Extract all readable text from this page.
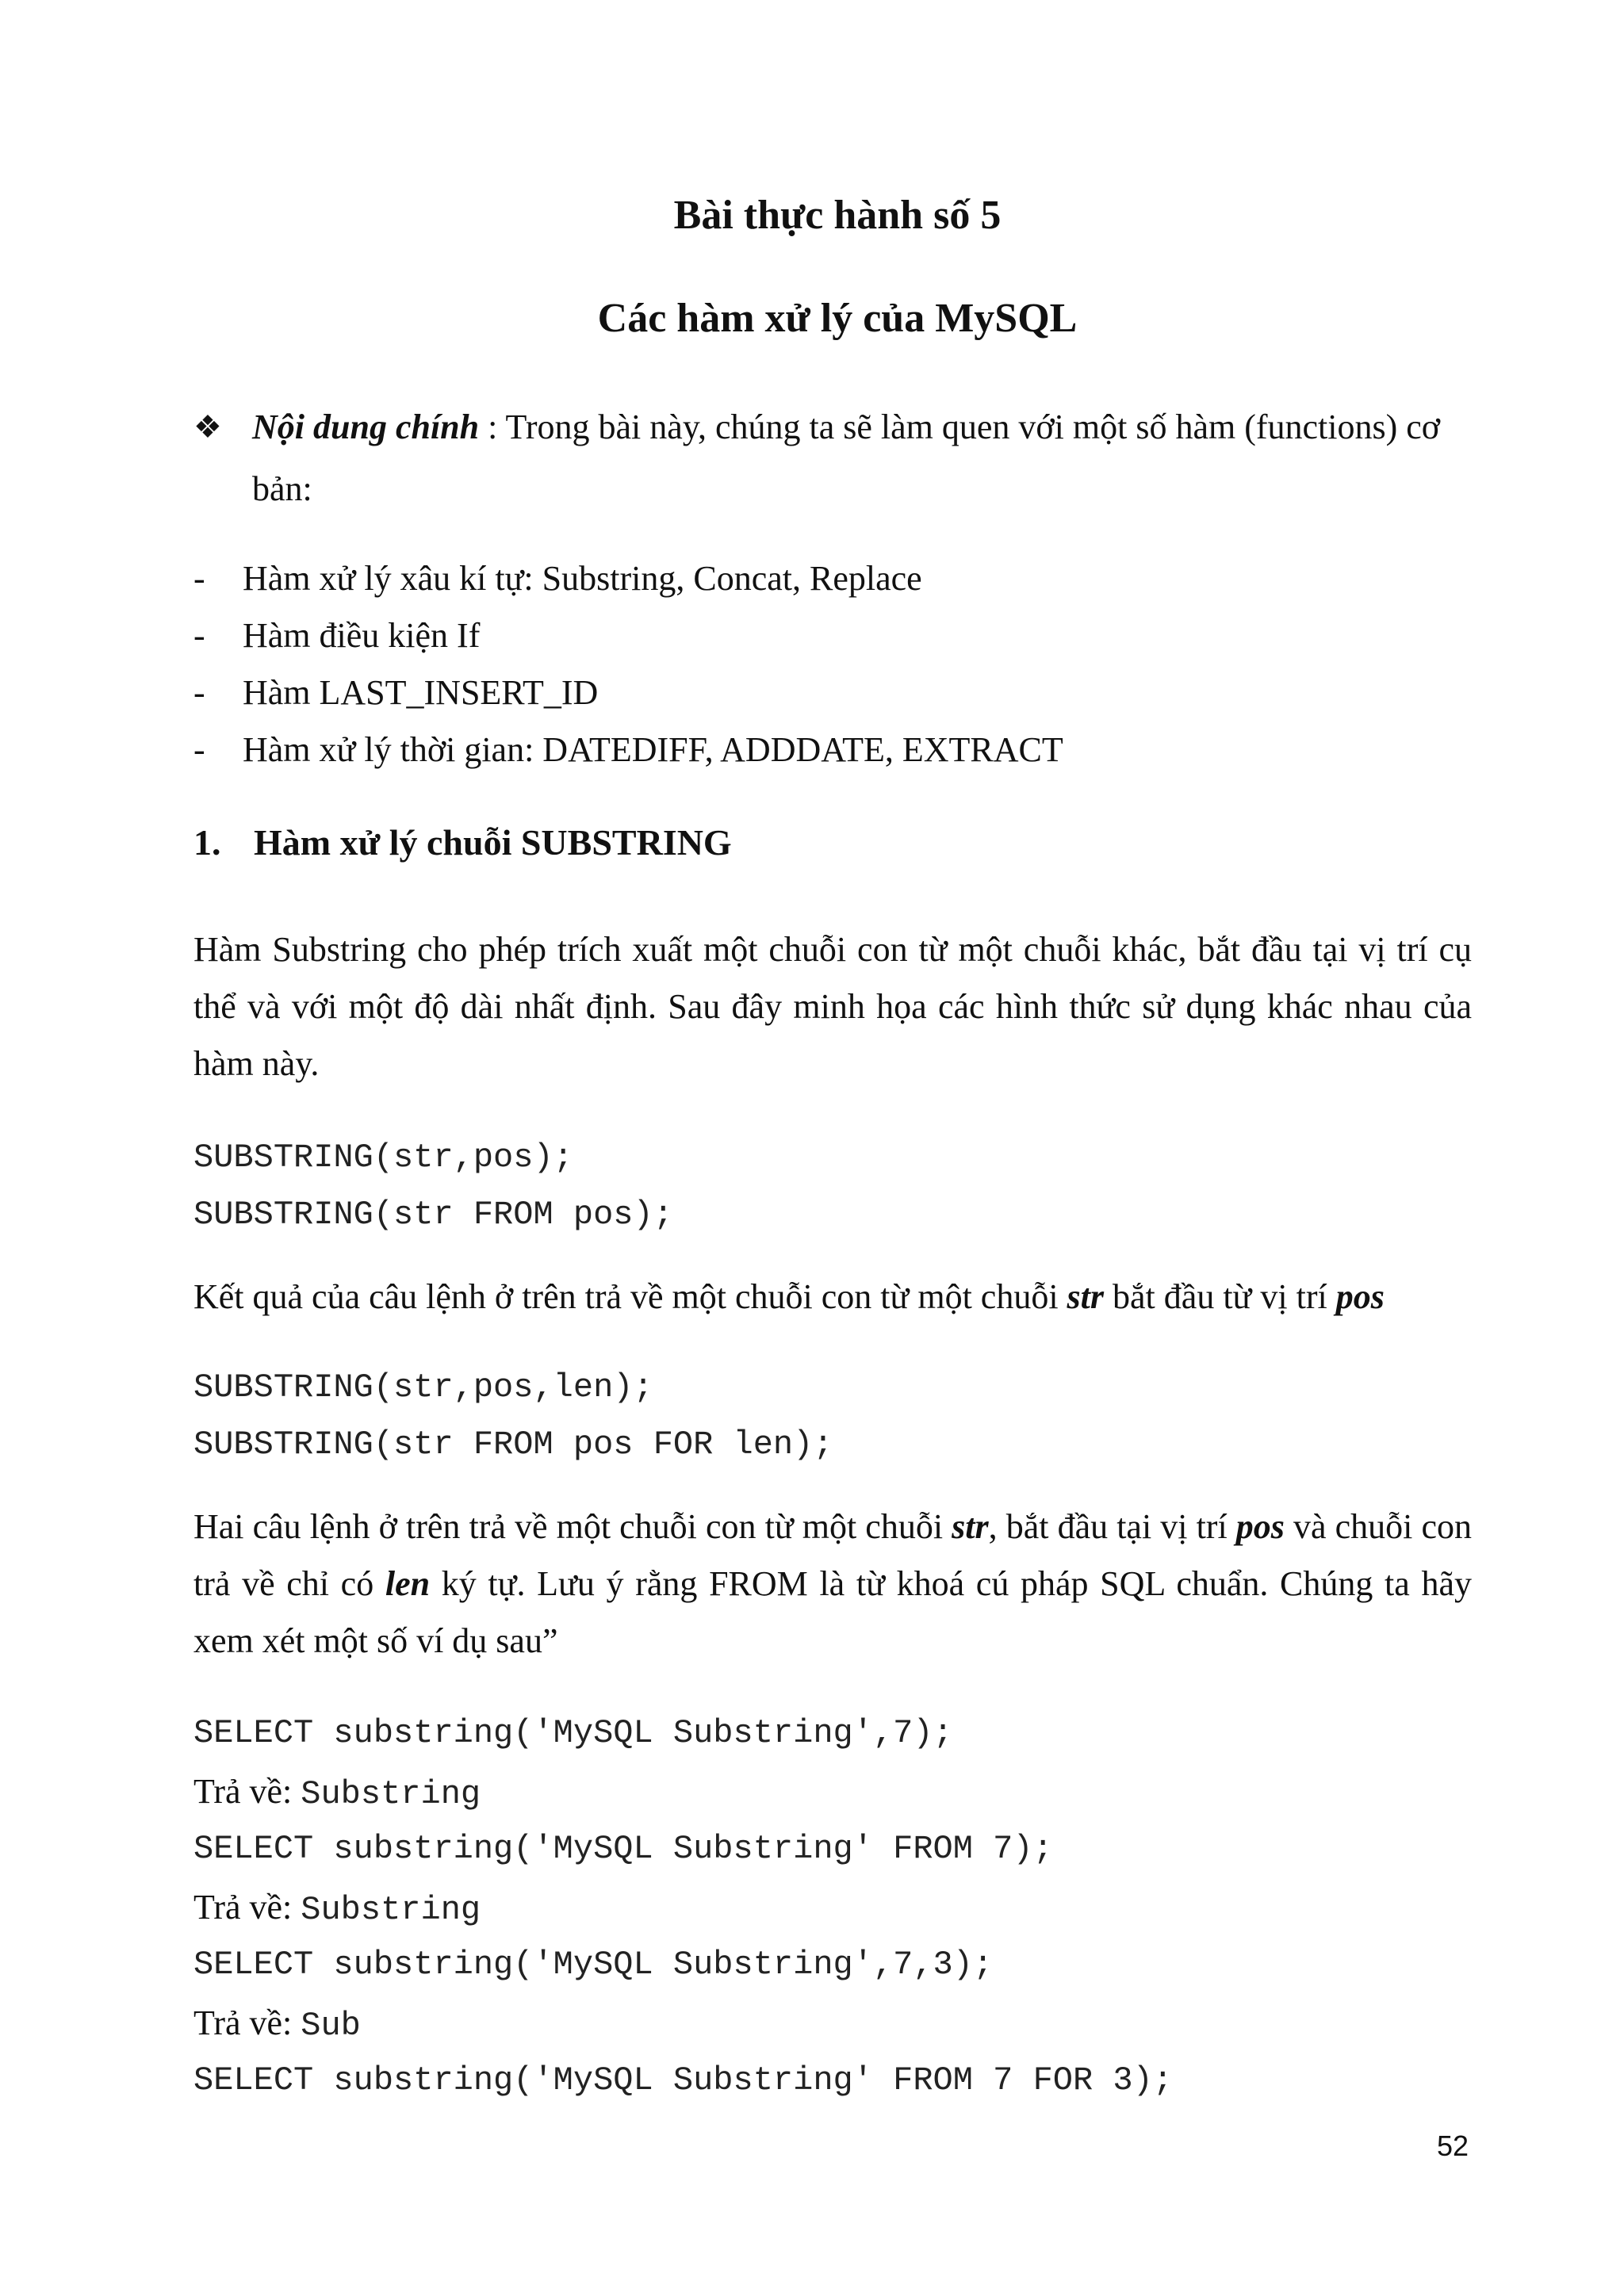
Bài thực hành số 5
Các hàm xử lý của MySQL
❖ Nội dung chính : Trong bài này, chúng ta sẽ làm quen với một số hàm (functions) cơ bản:
- Hàm xử lý xâu kí tự: Substring, Concat, Replace
- Hàm điều kiện If
- Hàm LAST_INSERT_ID
- Hàm xử lý thời gian: DATEDIFF, ADDDATE, EXTRACT
1. Hàm xử lý chuỗi SUBSTRING
Hàm Substring cho phép trích xuất một chuỗi con từ một chuỗi khác, bắt đầu tại vị trí cụ thể và với một độ dài nhất định. Sau đây minh họa các hình thức sử dụng khác nhau của hàm này.
SUBSTRING(str,pos);
SUBSTRING(str FROM pos);
Kết quả của câu lệnh ở trên trả về một chuỗi con từ một chuỗi str bắt đầu từ vị trí pos
SUBSTRING(str,pos,len);
SUBSTRING(str FROM pos FOR len);
Hai câu lệnh ở trên trả về một chuỗi con từ một chuỗi str, bắt đầu tại vị trí pos và chuỗi con trả về chỉ có len ký tự. Lưu ý rằng FROM là từ khoá cú pháp SQL chuẩn. Chúng ta hãy xem xét một số ví dụ sau”
SELECT substring('MySQL Substring',7);
Trả về: Substring
SELECT substring('MySQL Substring' FROM 7);
Trả về: Substring
SELECT substring('MySQL Substring',7,3);
Trả về: Sub
SELECT substring('MySQL Substring' FROM 7 FOR 3);
52
